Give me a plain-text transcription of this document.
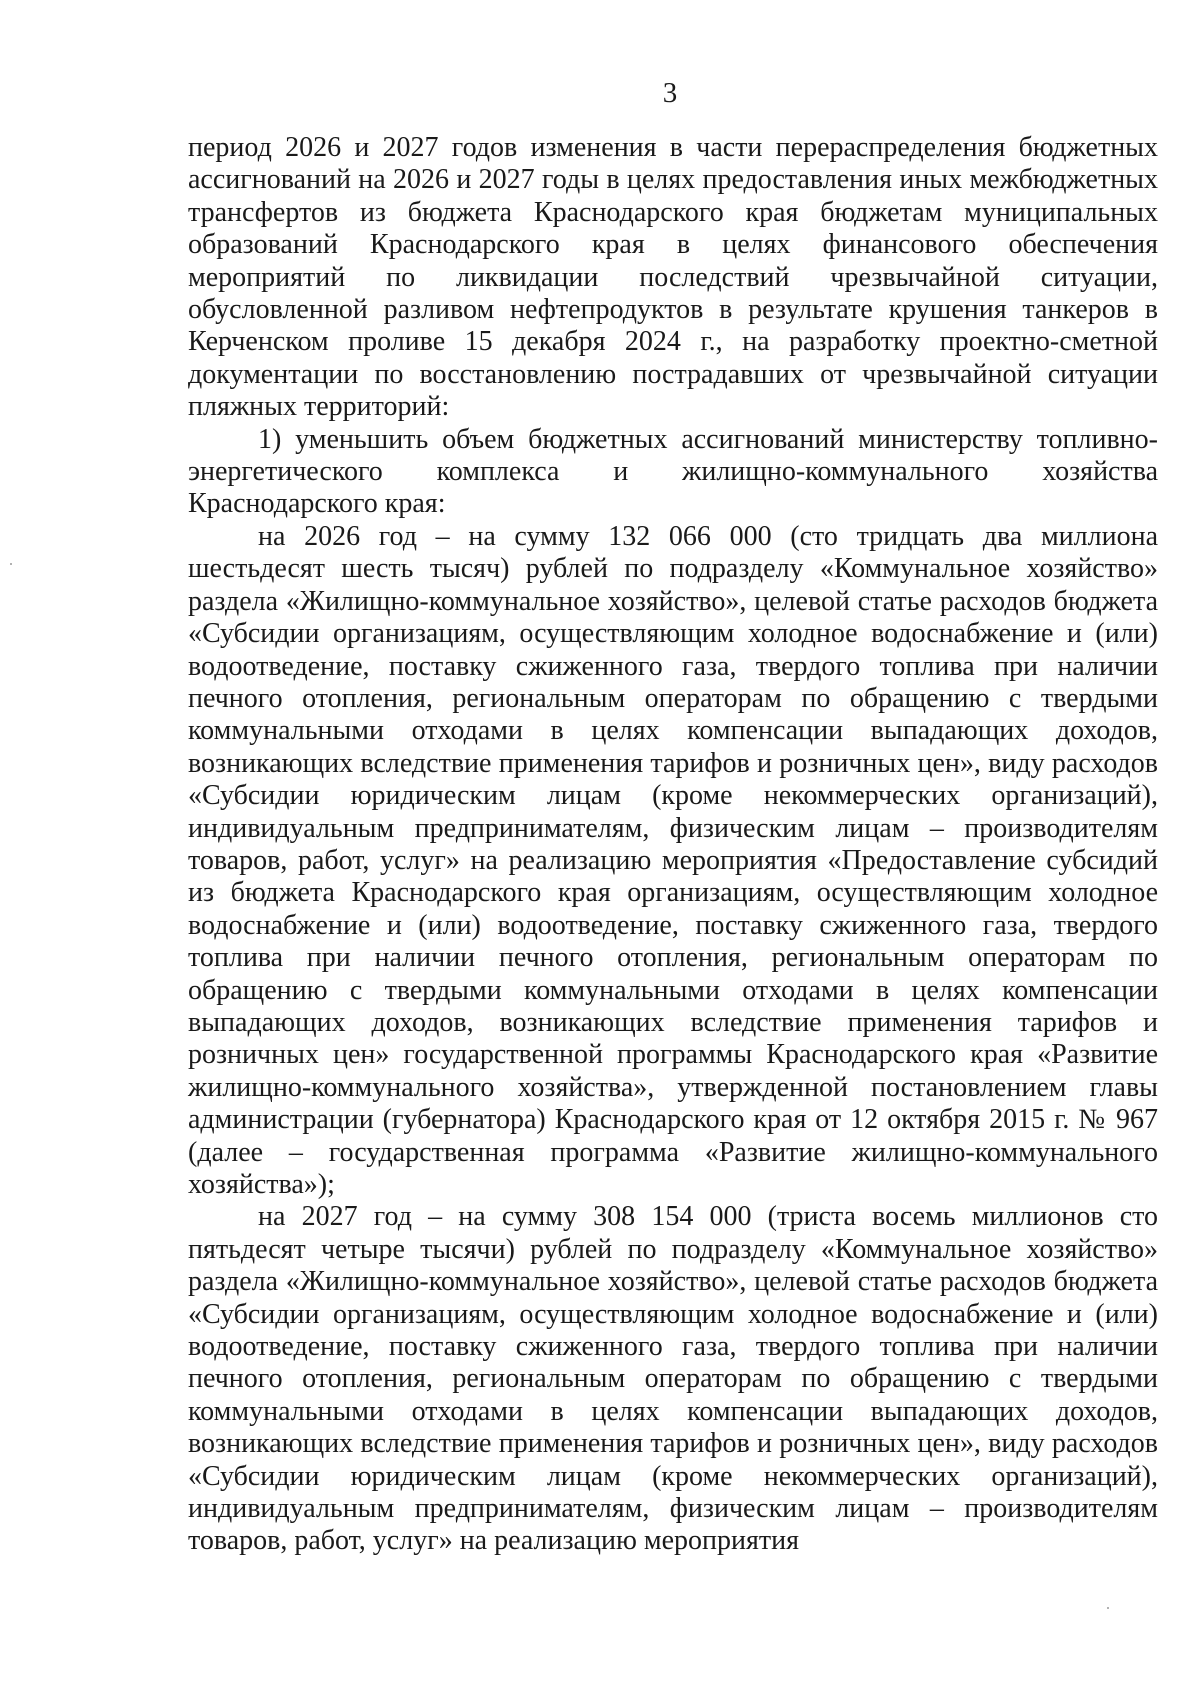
3

период 2026 и 2027 годов изменения в части перераспределения бюджетных ассигнований на 2026 и 2027 годы в целях предоставления иных межбюджетных трансфертов из бюджета Краснодарского края бюджетам муниципальных образований Краснодарского края в целях финансового обеспечения мероприятий по ликвидации последствий чрезвычайной ситуации, обусловленной разливом нефтепродуктов в результате крушения танкеров в Керченском проливе 15 декабря 2024 г., на разработку проектно-сметной документации по восстановлению пострадавших от чрезвычайной ситуации пляжных территорий:

1) уменьшить объем бюджетных ассигнований министерству топливно-энергетического комплекса и жилищно-коммунального хозяйства Краснодарского края:

на 2026 год – на сумму 132 066 000 (сто тридцать два миллиона шестьдесят шесть тысяч) рублей по подразделу «Коммунальное хозяйство» раздела «Жилищно-коммунальное хозяйство», целевой статье расходов бюджета «Субсидии организациям, осуществляющим холодное водоснабжение и (или) водоотведение, поставку сжиженного газа, твердого топлива при наличии печного отопления, региональным операторам по обращению с твердыми коммунальными отходами в целях компенсации выпадающих доходов, возникающих вследствие применения тарифов и розничных цен», виду расходов «Субсидии юридическим лицам (кроме некоммерческих организаций), индивидуальным предпринимателям, физическим лицам – производителям товаров, работ, услуг» на реализацию мероприятия «Предоставление субсидий из бюджета Краснодарского края организациям, осуществляющим холодное водоснабжение и (или) водоотведение, поставку сжиженного газа, твердого топлива при наличии печного отопления, региональным операторам по обращению с твердыми коммунальными отходами в целях компенсации выпадающих доходов, возникающих вследствие применения тарифов и розничных цен» государственной программы Краснодарского края «Развитие жилищно-коммунального хозяйства», утвержденной постановлением главы администрации (губернатора) Краснодарского края от 12 октября 2015 г. № 967 (далее – государственная программа «Развитие жилищно-коммунального хозяйства»);

на 2027 год – на сумму 308 154 000 (триста восемь миллионов сто пятьдесят четыре тысячи) рублей по подразделу «Коммунальное хозяйство» раздела «Жилищно-коммунальное хозяйство», целевой статье расходов бюджета «Субсидии организациям, осуществляющим холодное водоснабжение и (или) водоотведение, поставку сжиженного газа, твердого топлива при наличии печного отопления, региональным операторам по обращению с твердыми коммунальными отходами в целях компенсации выпадающих доходов, возникающих вследствие применения тарифов и розничных цен», виду расходов «Субсидии юридическим лицам (кроме некоммерческих организаций), индивидуальным предпринимателям, физическим лицам – производителям товаров, работ, услуг» на реализацию мероприятия
